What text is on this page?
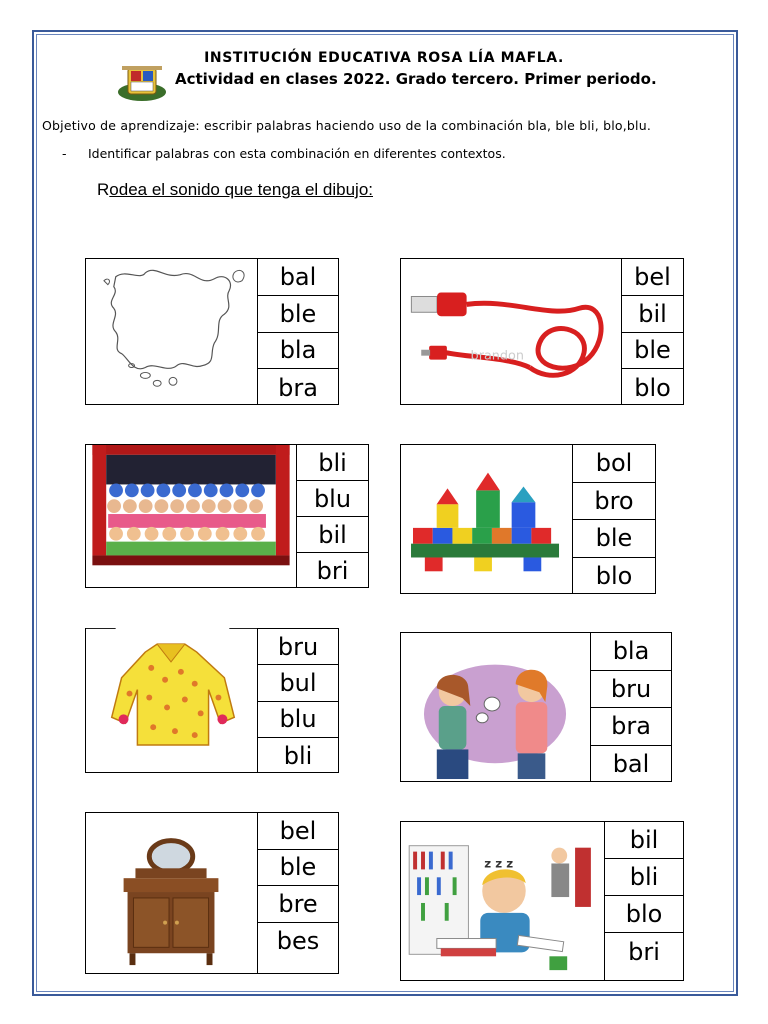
INSTITUCIÓN EDUCATIVA ROSA LÍA MAFLA.
Actividad en clases 2022. Grado tercero. Primer periodo.
Objetivo de aprendizaje: escribir palabras haciendo uso de la combinación bla, ble bli, blo,blu.
- Identificar palabras con esta combinación en diferentes contextos.
Rodea el sonido que tenga el dibujo:
bal
ble
bla
bra
brandon
bel
bil
ble
blo
bli
blu
bil
bri
bol
bro
ble
blo
bru
bul
blu
bli
bla
bru
bra
bal
bel
ble
bre
bes
z z z
bil
bli
blo
bri
